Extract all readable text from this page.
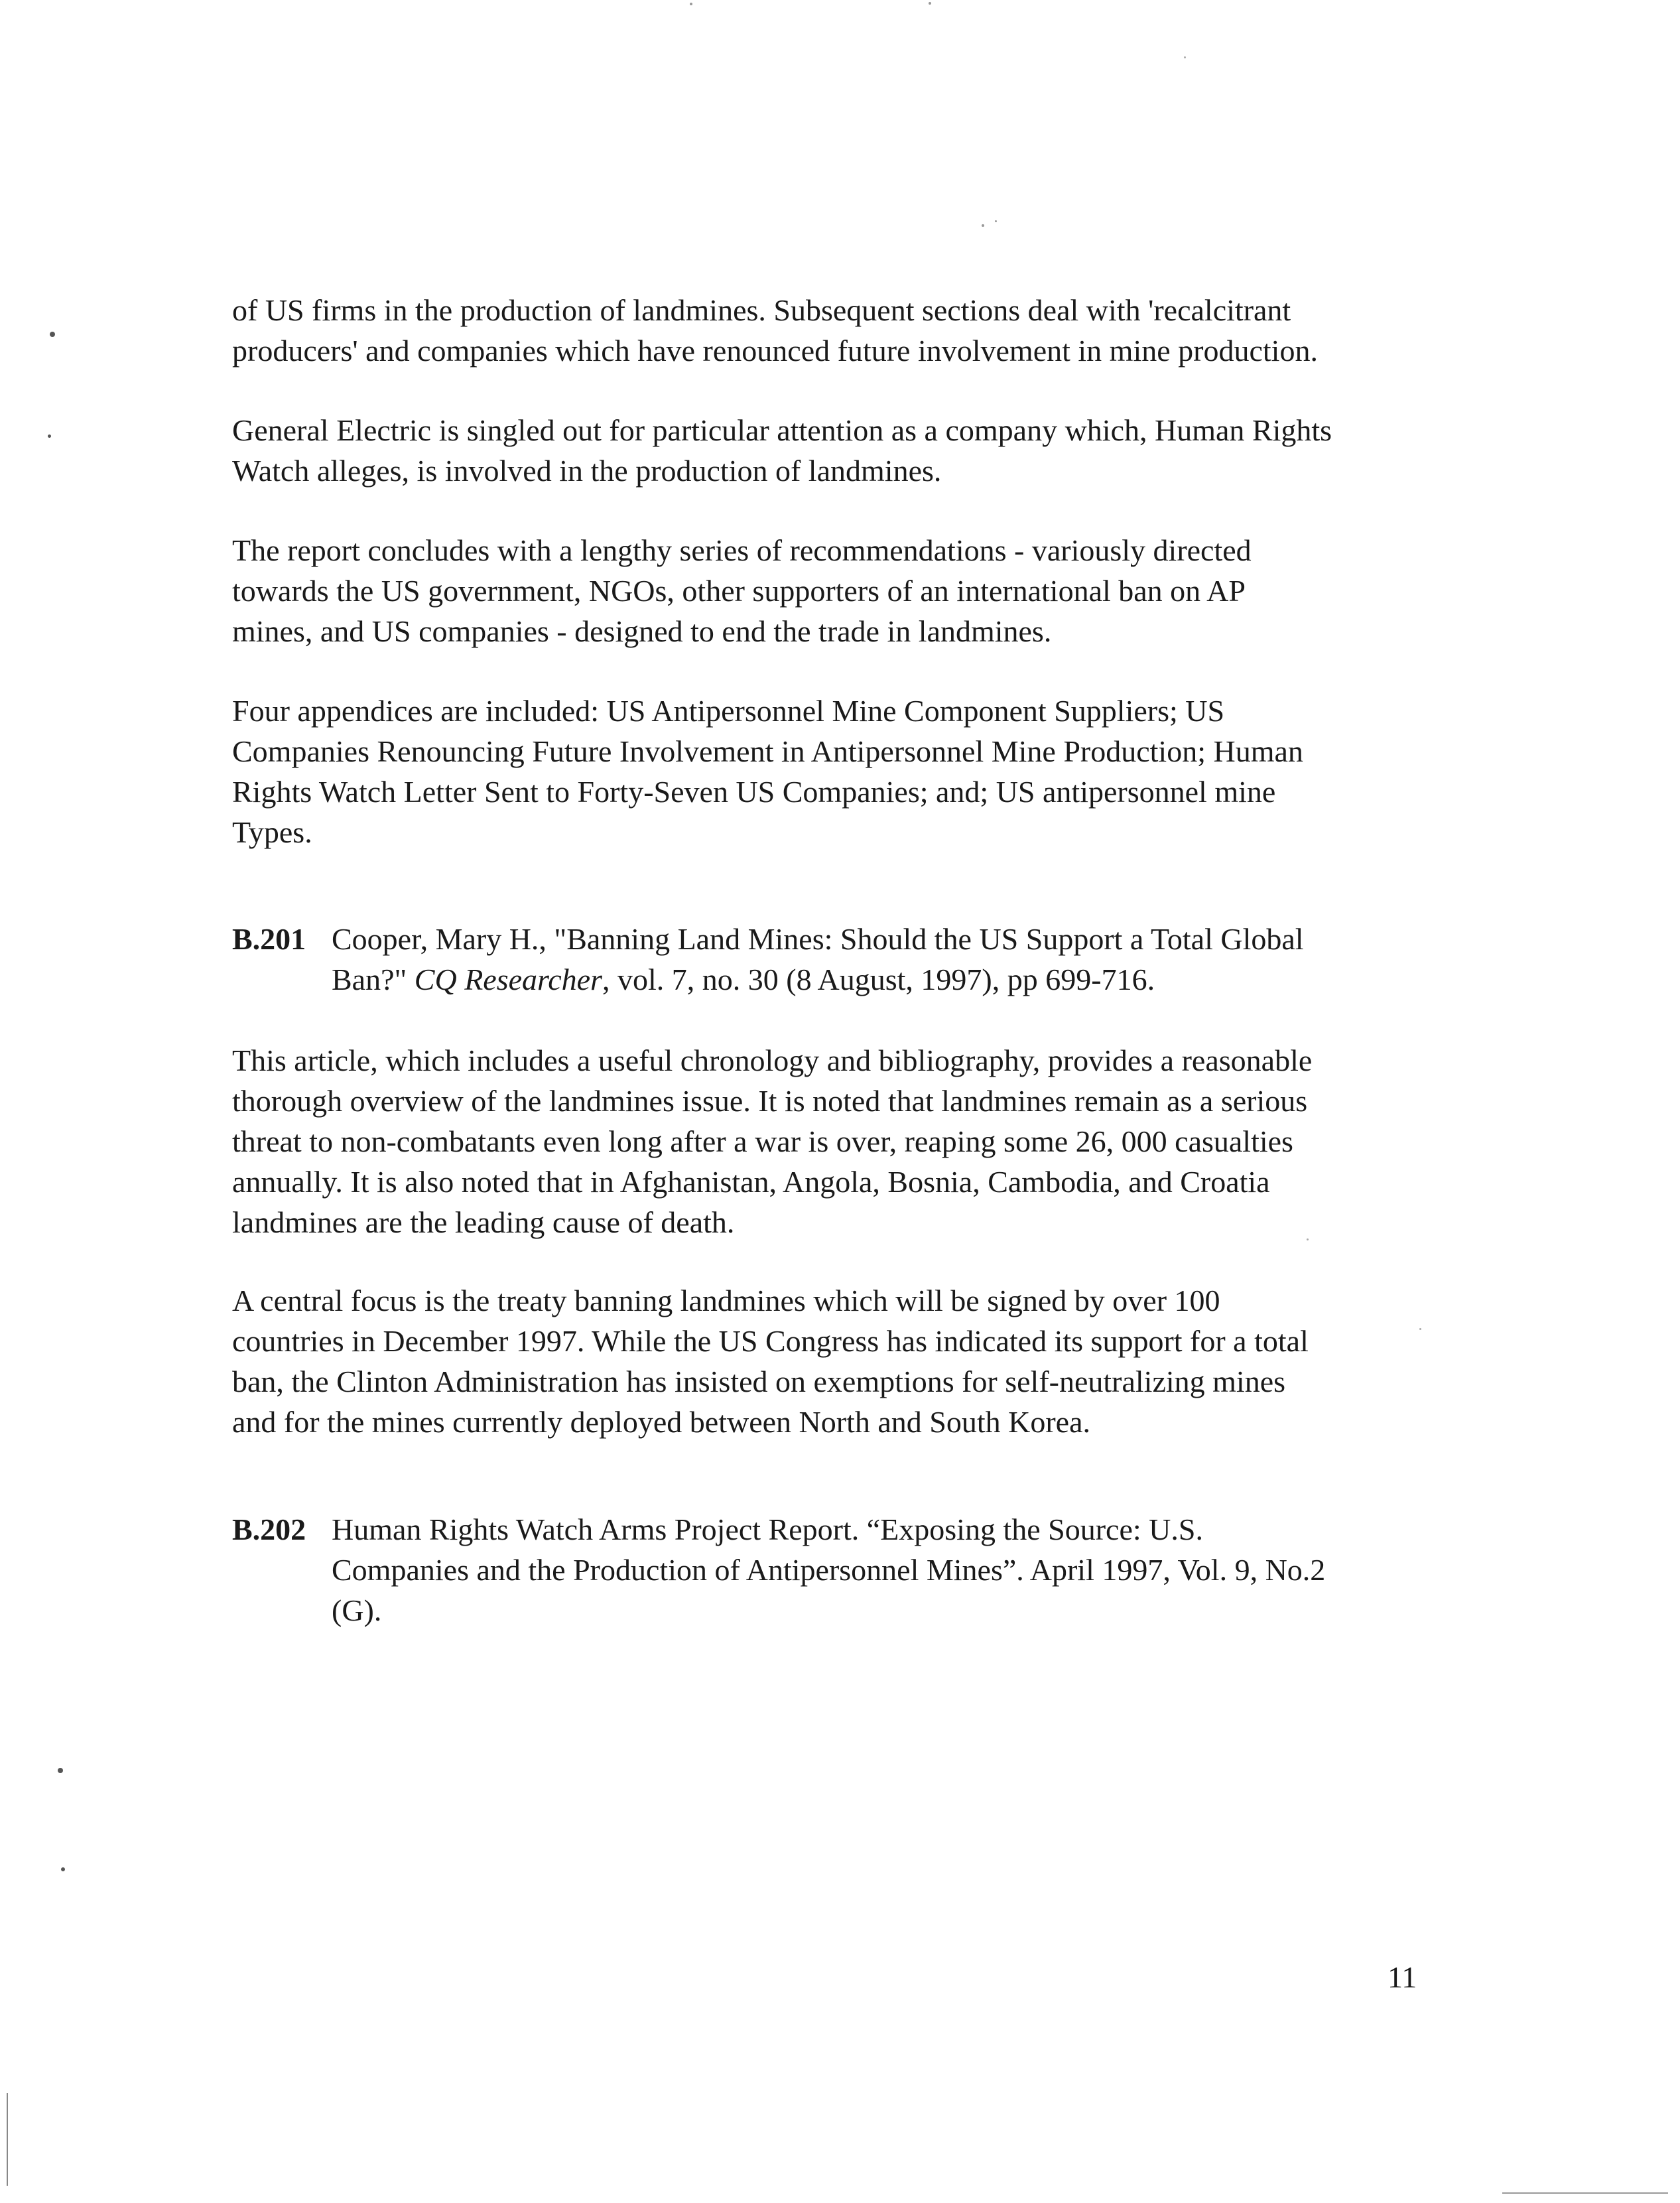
of US firms in the production of landmines. Subsequent sections deal with 'recalcitrant
producers' and companies which have renounced future involvement in mine production.
General Electric is singled out for particular attention as a company which, Human Rights
Watch alleges, is involved in the production of landmines.
The report concludes with a lengthy series of recommendations - variously directed
towards the US government, NGOs, other supporters of an international ban on AP
mines, and US companies - designed to end the trade in landmines.
Four appendices are included: US Antipersonnel Mine Component Suppliers; US
Companies Renouncing Future Involvement in Antipersonnel Mine Production; Human
Rights Watch Letter Sent to Forty-Seven US Companies; and; US antipersonnel mine
Types.
B.201 Cooper, Mary H., "Banning Land Mines: Should the US Support a Total Global
Ban?" CQ Researcher, vol. 7, no. 30 (8 August, 1997), pp 699-716.
This article, which includes a useful chronology and bibliography, provides a reasonable
thorough overview of the landmines issue. It is noted that landmines remain as a serious
threat to non-combatants even long after a war is over, reaping some 26, 000 casualties
annually. It is also noted that in Afghanistan, Angola, Bosnia, Cambodia, and Croatia
landmines are the leading cause of death.
A central focus is the treaty banning landmines which will be signed by over 100
countries in December 1997. While the US Congress has indicated its support for a total
ban, the Clinton Administration has insisted on exemptions for self-neutralizing mines
and for the mines currently deployed between North and South Korea.
B.202 Human Rights Watch Arms Project Report. “Exposing the Source: U.S.
Companies and the Production of Antipersonnel Mines”. April 1997, Vol. 9, No.2
(G).
11
